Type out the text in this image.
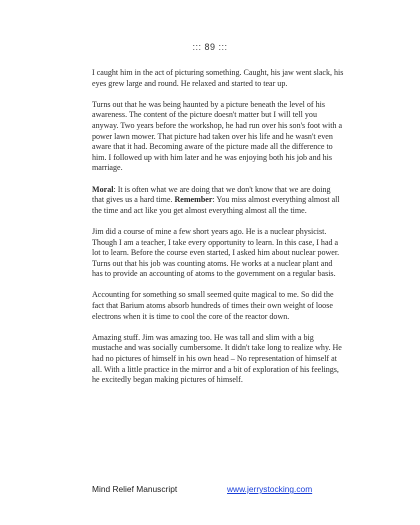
::: 89 :::

I caught him in the act of picturing something. Caught, his jaw went slack, his eyes grew large and round. He relaxed and started to tear up.

Turns out that he was being haunted by a picture beneath the level of his awareness. The content of the picture doesn't matter but I will tell you anyway. Two years before the workshop, he had run over his son's foot with a power lawn mower. That picture had taken over his life and he wasn't even aware that it had. Becoming aware of the picture made all the difference to him. I followed up with him later and he was enjoying both his job and his marriage.

Moral: It is often what we are doing that we don't know that we are doing that gives us a hard time. Remember: You miss almost everything almost all the time and act like you get almost everything almost all the time.

Jim did a course of mine a few short years ago. He is a nuclear physicist. Though I am a teacher, I take every opportunity to learn. In this case, I had a lot to learn. Before the course even started, I asked him about nuclear power. Turns out that his job was counting atoms. He works at a nuclear plant and has to provide an accounting of atoms to the government on a regular basis.

Accounting for something so small seemed quite magical to me. So did the fact that Barium atoms absorb hundreds of times their own weight of loose electrons when it is time to cool the core of the reactor down.

Amazing stuff. Jim was amazing too. He was tall and slim with a big mustache and was socially cumbersome. It didn't take long to realize why. He had no pictures of himself in his own head – No representation of himself at all. With a little practice in the mirror and a bit of exploration of his feelings, he excitedly began making pictures of himself.

Mind Relief Manuscript	www.jerrystocking.com
